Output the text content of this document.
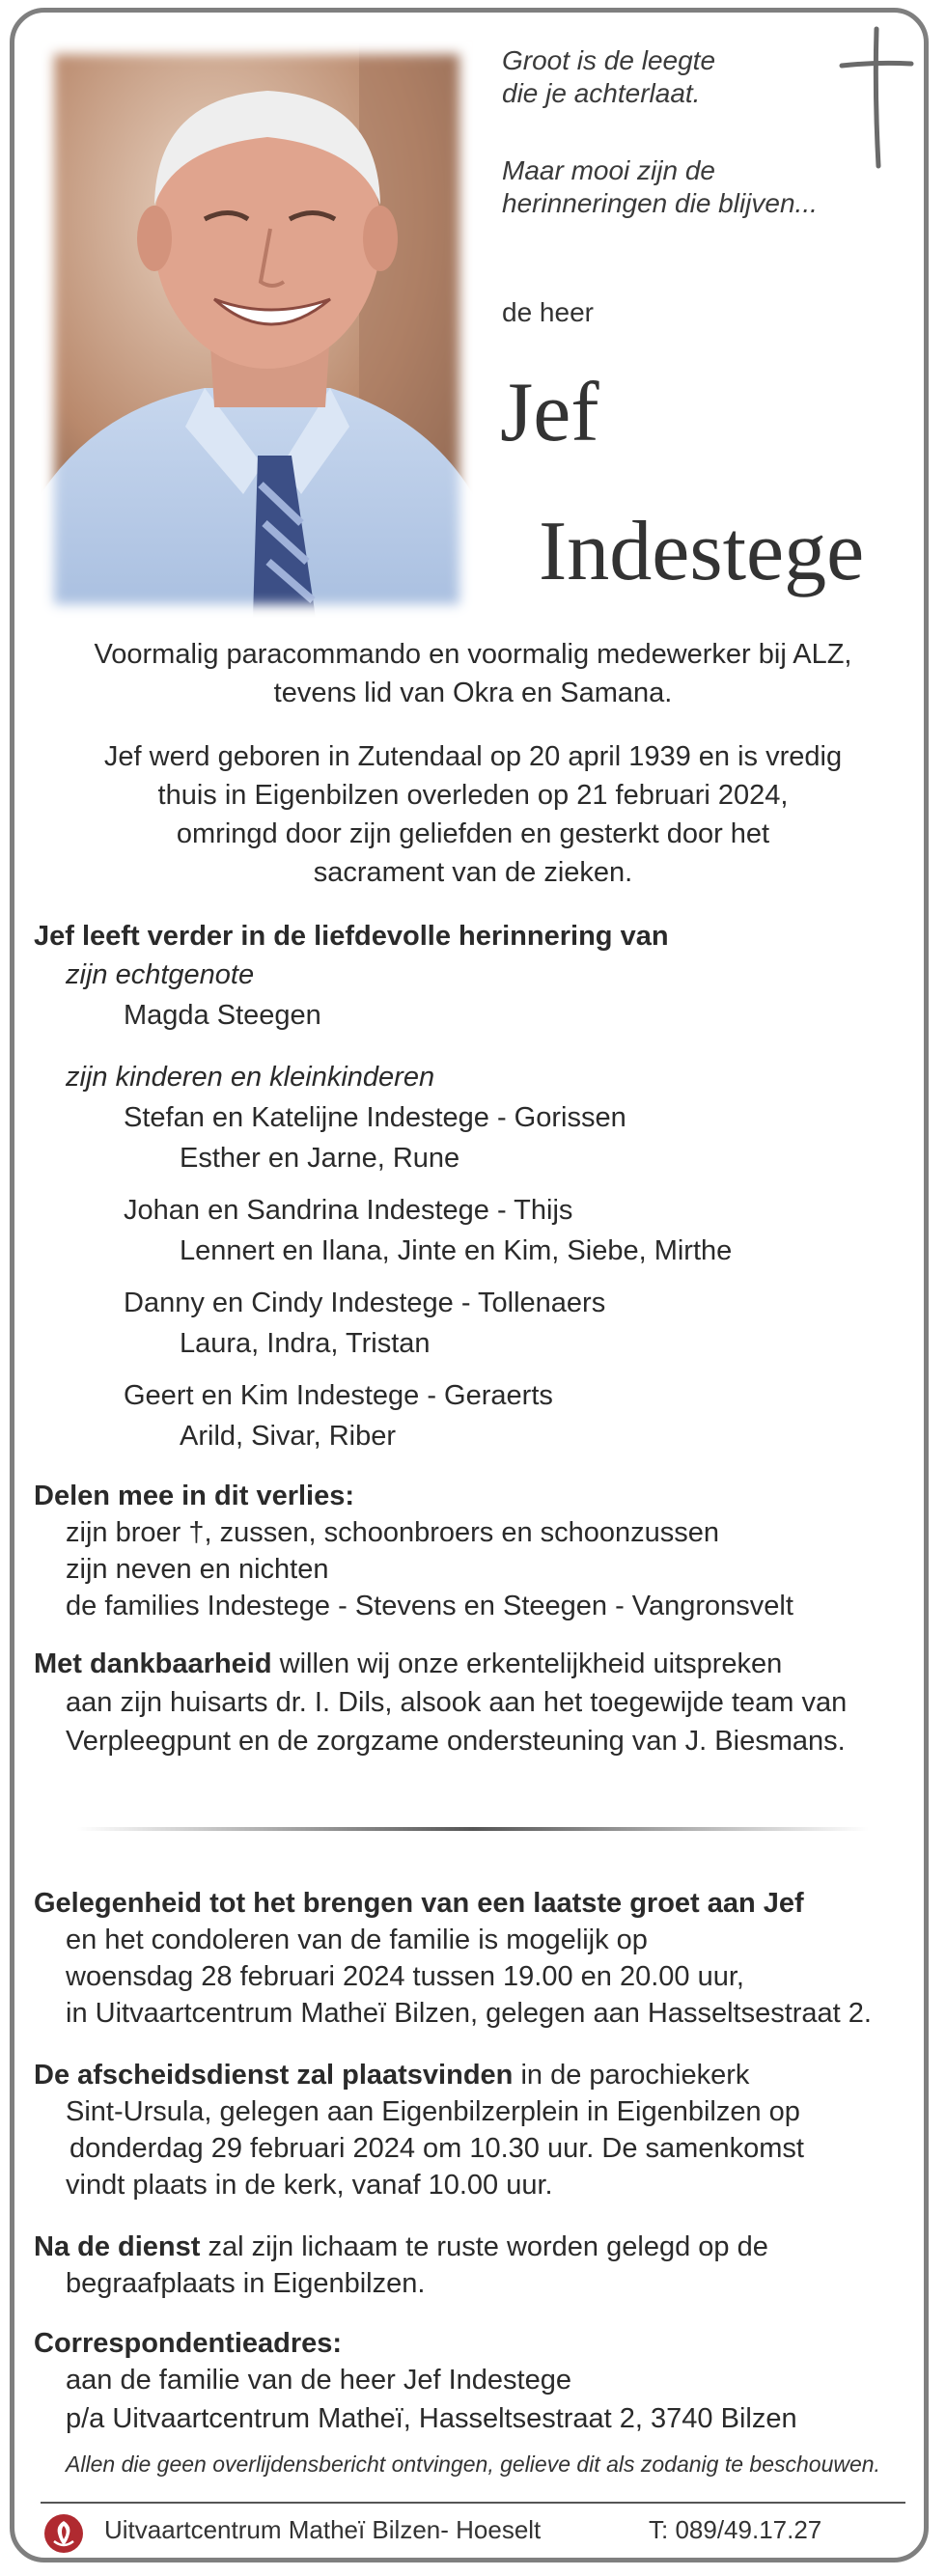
Groot is de leegte

die je achterlaat.

Maar mooi zijn de

herinneringen die blijven...

de heer
Jef
Indestege

Voormalig paracommando en voormalig medewerker bij ALZ,

tevens lid van Okra en Samana.

Jef werd geboren in Zutendaal op 20 april 1939 en is vredig

thuis in Eigenbilzen overleden op 21 februari 2024,

omringd door zijn geliefden en gesterkt door het

sacrament van de zieken.

Jef leeft verder in de liefdevolle herinnering van

zijn echtgenote

Magda Steegen

zijn kinderen en kleinkinderen

Stefan en Katelijne Indestege - Gorissen

Esther en Jarne, Rune

Johan en Sandrina Indestege - Thijs

Lennert en Ilana, Jinte en Kim, Siebe, Mirthe

Danny en Cindy Indestege - Tollenaers

Laura, Indra, Tristan

Geert en Kim Indestege - Geraerts

Arild, Sivar, Riber

Delen mee in dit verlies:

zijn broer †, zussen, schoonbroers en schoonzussen

zijn neven en nichten

de families Indestege - Stevens en Steegen - Vangronsvelt

Met dankbaarheid willen wij onze erkentelijkheid uitspreken

aan zijn huisarts dr. I. Dils, alsook aan het toegewijde team van

Verpleegpunt en de zorgzame ondersteuning van J. Biesmans.

Gelegenheid tot het brengen van een laatste groet aan Jef

en het condoleren van de familie is mogelijk op

woensdag 28 februari 2024 tussen 19.00 en 20.00 uur,

in Uitvaartcentrum Matheï Bilzen, gelegen aan Hasseltsestraat 2.

De afscheidsdienst zal plaatsvinden in de parochiekerk

Sint-Ursula, gelegen aan Eigenbilzerplein in Eigenbilzen op

donderdag 29 februari 2024 om 10.30 uur. De samenkomst

vindt plaats in de kerk, vanaf 10.00 uur.

Na de dienst zal zijn lichaam te ruste worden gelegd op de

begraafplaats in Eigenbilzen.

Correspondentieadres:

aan de familie van de heer Jef Indestege

p/a Uitvaartcentrum Matheï, Hasseltsestraat 2, 3740 Bilzen

Allen die geen overlijdensbericht ontvingen, gelieve dit als zodanig te beschouwen.
Uitvaartcentrum Matheï Bilzen- Hoeselt	T: 089/49.17.27
